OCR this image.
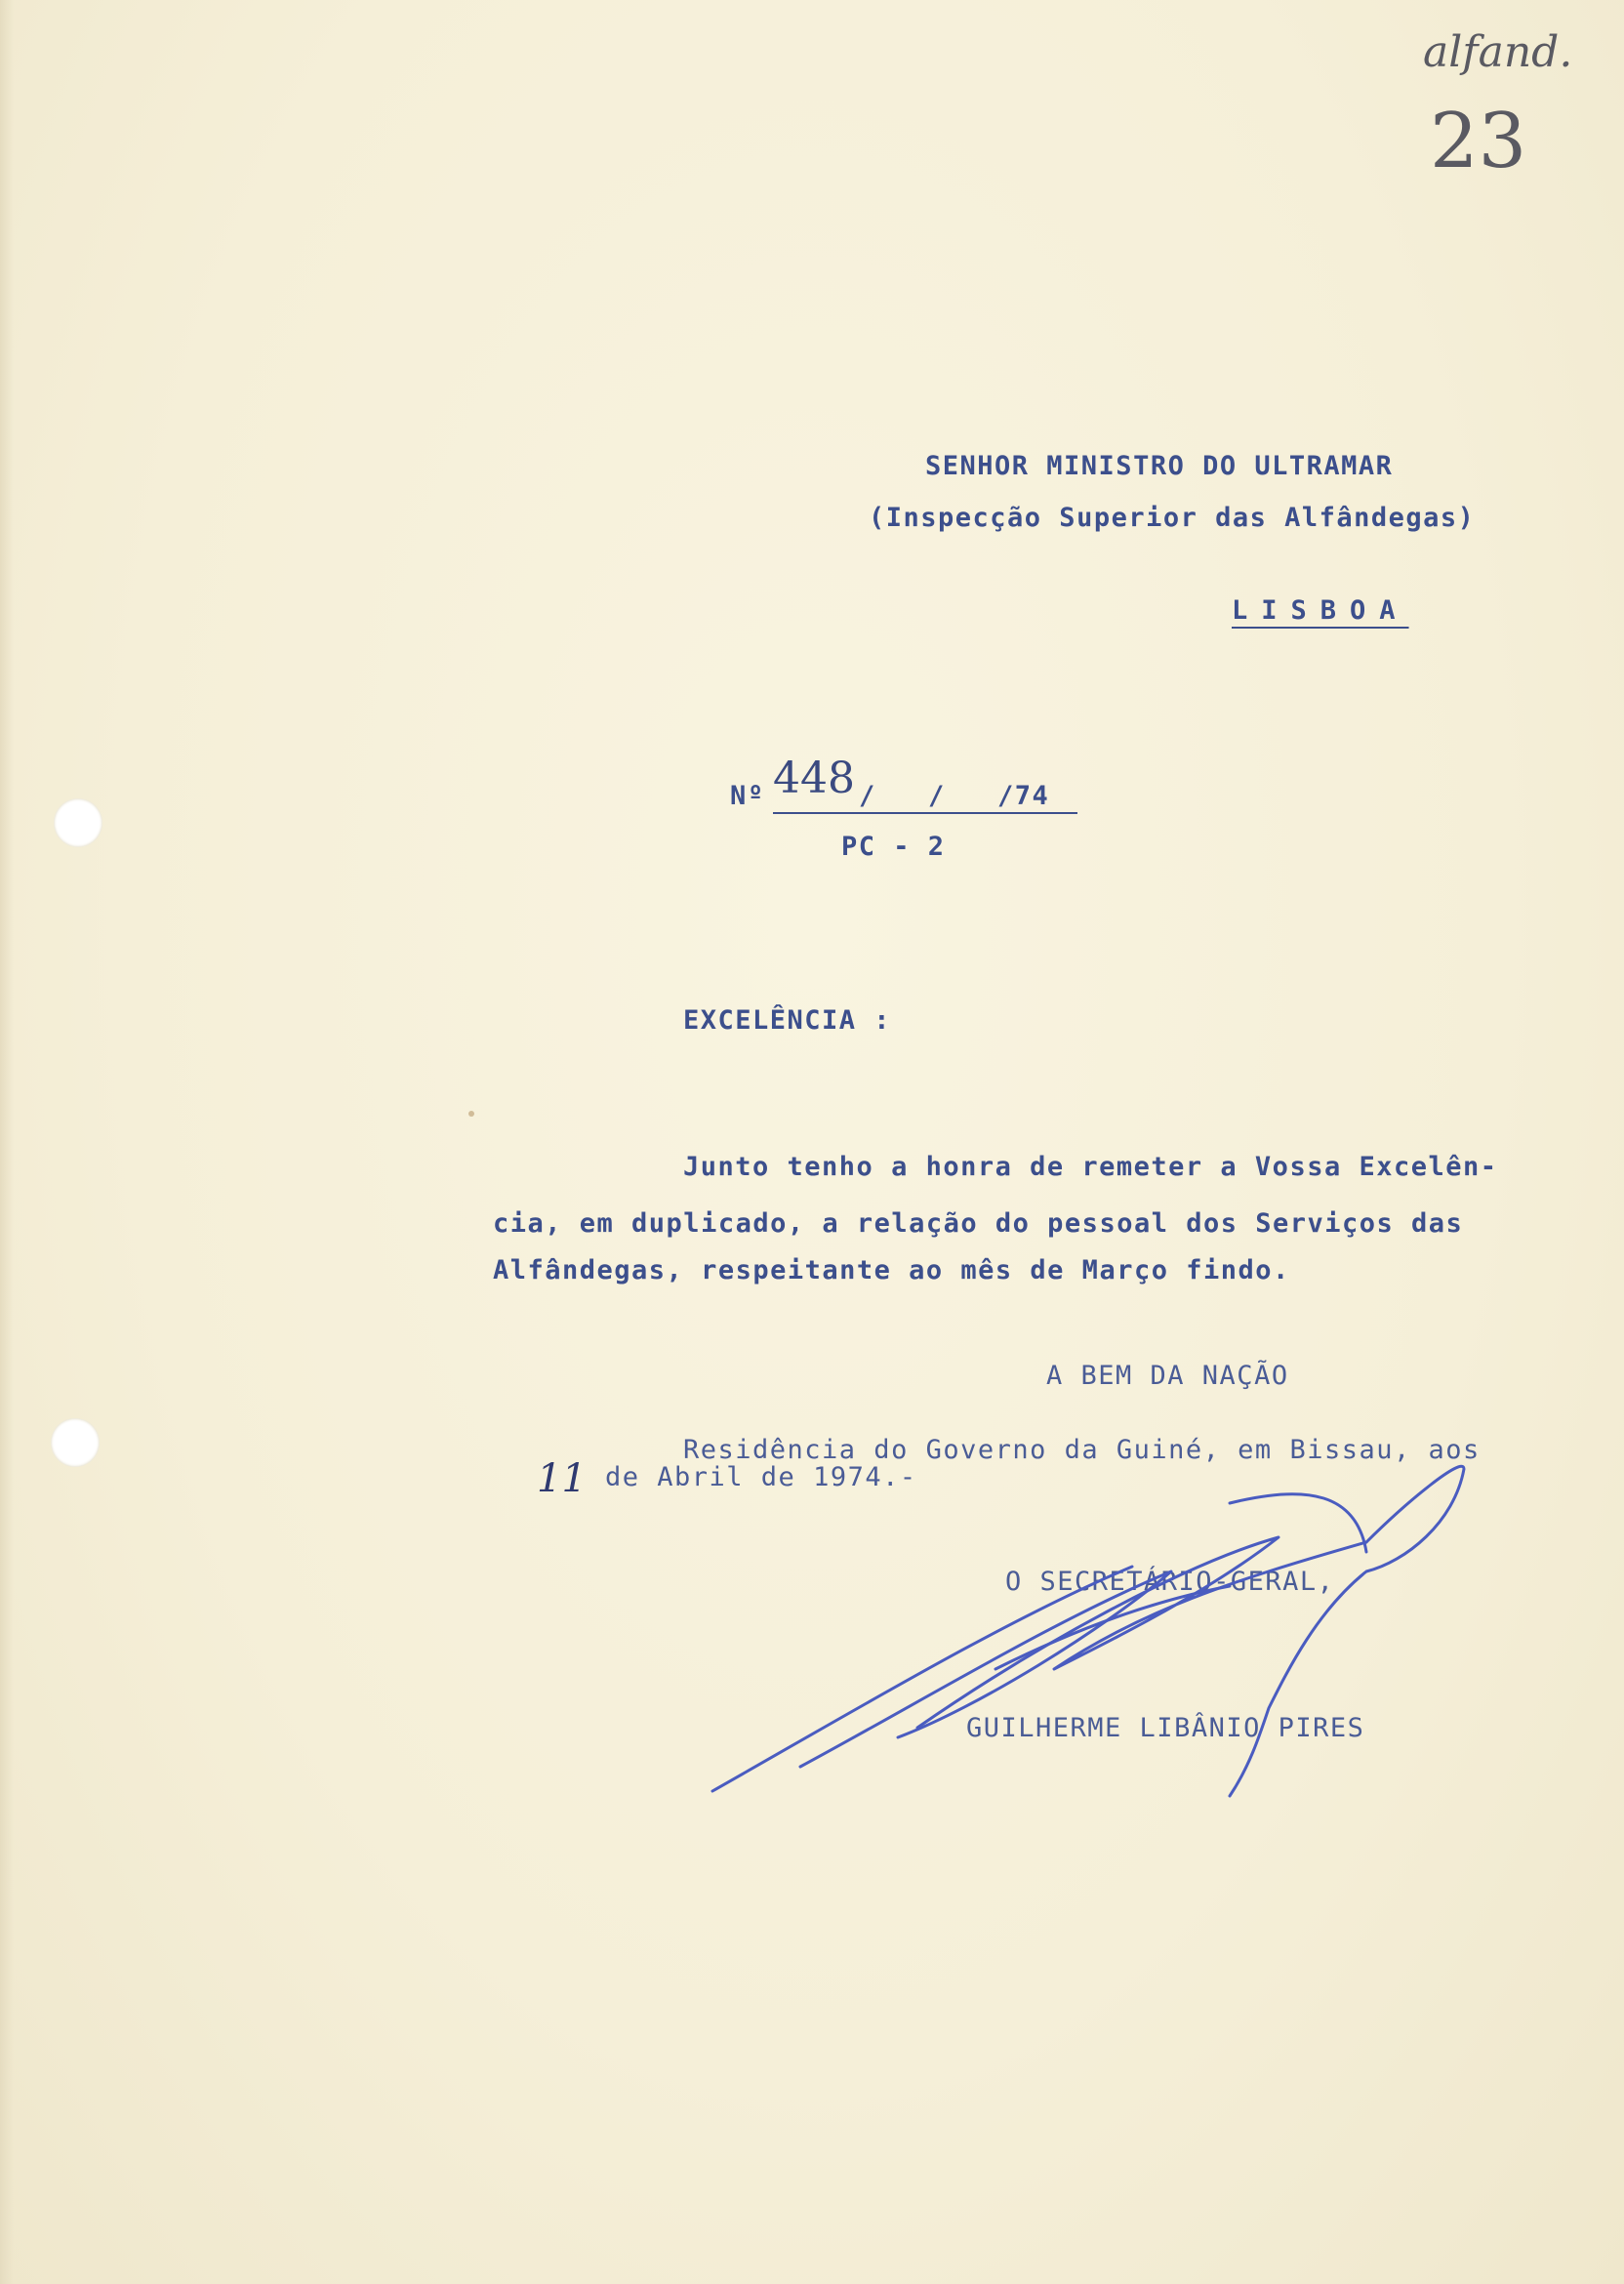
alfand.
23
SENHOR MINISTRO DO ULTRAMAR
(Inspecção Superior das Alfândegas)
LISBOA
Nº 448 /   /   /74
PC - 2
EXCELÊNCIA :
Junto tenho a honra de remeter a Vossa Excelên-
cia, em duplicado, a relação do pessoal dos Serviços das
Alfândegas, respeitante ao mês de Março findo.
A BEM DA NAÇÃO
Residência do Governo da Guiné, em Bissau, aos
11 de Abril de 1974.-
O SECRETÁRIO-GERAL,
GUILHERME LIBÂNIO PIRES
